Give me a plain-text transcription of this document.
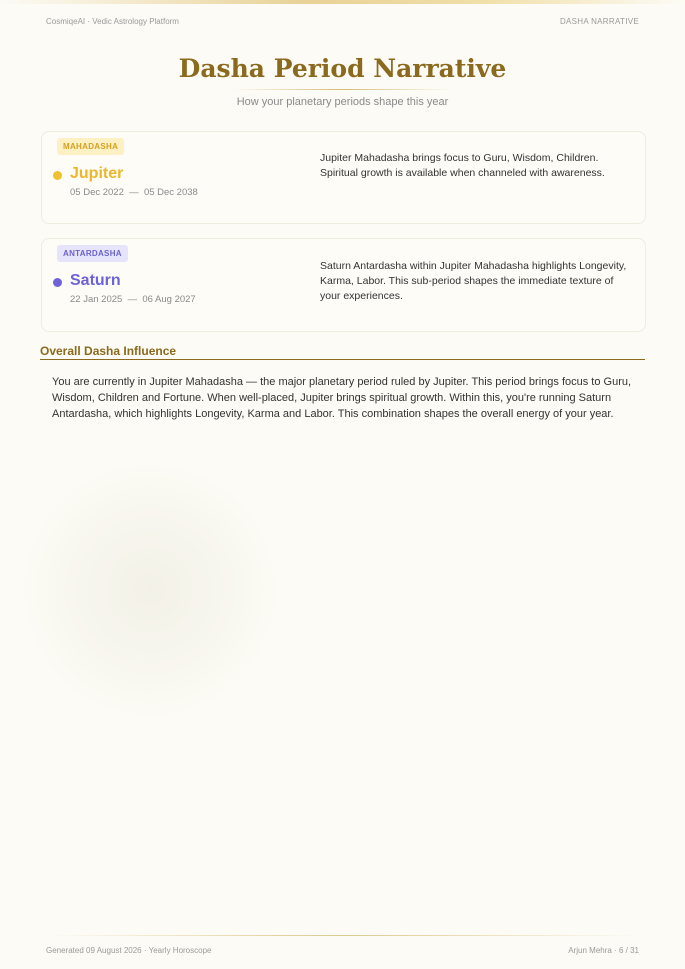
CosmiqeAI · Vedic Astrology Platform	DASHA NARRATIVE
Dasha Period Narrative
How your planetary periods shape this year
MAHADASHA
Jupiter
05 Dec 2022 — 05 Dec 2038
Jupiter Mahadasha brings focus to Guru, Wisdom, Children. Spiritual growth is available when channeled with awareness.
ANTARDASHA
Saturn
22 Jan 2025 — 06 Aug 2027
Saturn Antardasha within Jupiter Mahadasha highlights Longevity, Karma, Labor. This sub-period shapes the immediate texture of your experiences.
Overall Dasha Influence
You are currently in Jupiter Mahadasha — the major planetary period ruled by Jupiter. This period brings focus to Guru, Wisdom, Children and Fortune. When well-placed, Jupiter brings spiritual growth. Within this, you're running Saturn Antardasha, which highlights Longevity, Karma and Labor. This combination shapes the overall energy of your year.
Generated 09 August 2026 · Yearly Horoscope	Arjun Mehra · 6 / 31
